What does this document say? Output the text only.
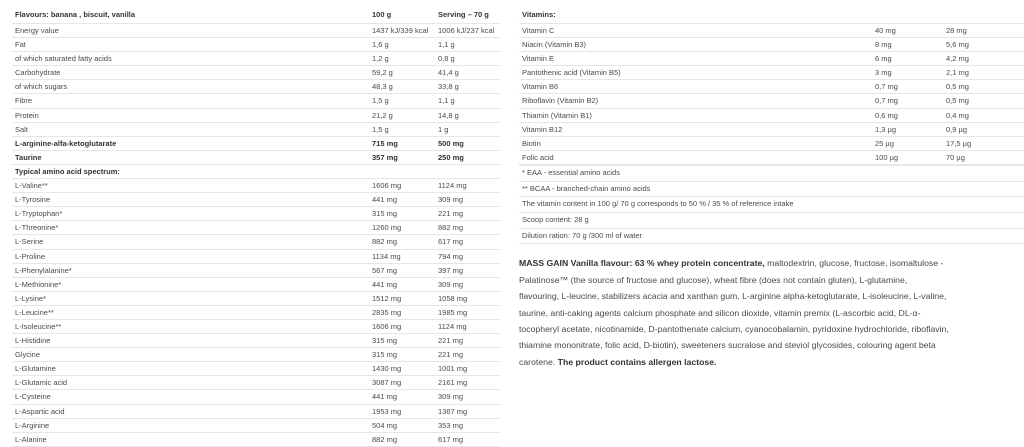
Flavours: banana , biscuit, vanilla	100 g	Serving – 70 g
Energy value	1437 kJ/339 kcal	1006 kJ/237 kcal
Fat	1,6 g	1,1 g
of which saturated fatty acids	1,2 g	0,8 g
Carbohydrate	59,2 g	41,4 g
of which sugars	48,3 g	33,8 g
Fibre	1,5 g	1,1 g
Protein	21,2 g	14,8 g
Salt	1,5 g	1 g
L-arginine-alfa-ketoglutarate	715 mg	500 mg
Taurine	357 mg	250 mg
Typical amino acid spectrum:		
L-Valine**	1606 mg	1124 mg
L-Tyrosine	441 mg	309 mg
L-Tryptophan*	315 mg	221 mg
L-Threonine*	1260 mg	882 mg
L-Serine	882 mg	617 mg
L-Proline	1134 mg	794 mg
L-Phenylalanine*	567 mg	397 mg
L-Methionine*	441 mg	309 mg
L-Lysine*	1512 mg	1058 mg
L-Leucine**	2835 mg	1985 mg
L-Isoleucine**	1606 mg	1124 mg
L-Histidine	315 mg	221 mg
Glycine	315 mg	221 mg
L-Glutamine	1430 mg	1001 mg
L-Glutamic acid	3087 mg	2161 mg
L-Cysteine	441 mg	309 mg
L-Aspartic acid	1953 mg	1367 mg
L-Arginine	504 mg	353 mg
L-Alanine	882 mg	617 mg
Vitamins:		
Vitamin C	40 mg	28 mg
Niacin (Vitamin B3)	8 mg	5,6 mg
Vitamin E	6 mg	4,2 mg
Pantothenic acid (Vitamin B5)	3 mg	2,1 mg
Vitamin B6	0,7 mg	0,5 mg
Riboflavin (Vitamin B2)	0,7 mg	0,5 mg
Thiamin (Vitamin B1)	0,6 mg	0,4 mg
Vitamin B12	1,3 µg	0,9 µg
Biotin	25 µg	17,5 µg
Folic acid	100 µg	70 µg
* EAA - essential amino acids
** BCAA - branched-chain amino acids
The vitamin content in 100 g/ 70 g corresponds to 50 % / 35 % of reference intake
Scoop content: 28 g
Dilution ration: 70 g /300 ml of water
MASS GAIN Vanilla flavour: 63 % whey protein concentrate, maltodextrin, glucose, fructose, isomaltulose - Palatinose™ (the source of fructose and glucose), wheat fibre (does not contain gluten), L-glutamine, flavouring, L-leucine, stabilizers acacia and xanthan gum, L-arginine alpha-ketoglutarate, L-isoleucine, L-valine, taurine, anti-caking agents calcium phosphate and silicon dioxide, vitamin premix (L-ascorbic acid, DL-α-tocopheryl acetate, nicotinamide, D-pantothenate calcium, cyanocobalamin, pyridoxine hydrochloride, riboflavin, thiamine mononitrate, folic acid, D-biotin), sweeteners sucralose and steviol glycosides, colouring agent beta carotene. The product contains allergen lactose.
